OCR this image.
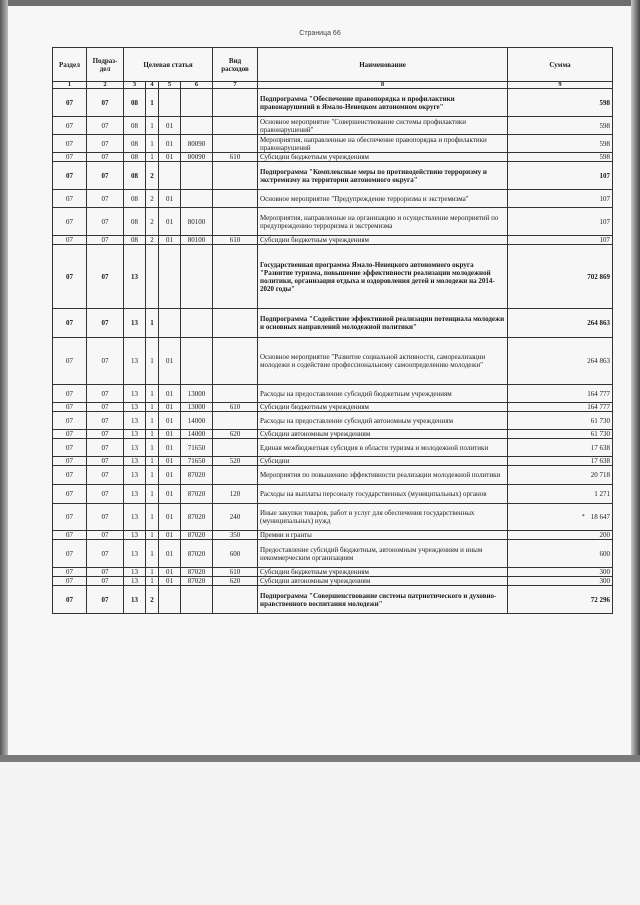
Страница 66
Раздел	Подраз-дел	Целевая статья				Вид расходов	Наименование	Сумма
1	2	3	4	5	6	7	8	9
07	07	08	1				Подпрограмма "Обеспечение правопорядка и профилактики правонарушений в Ямало-Ненецком автономном округе"	598
07	07	08	1	01			Основное мероприятие "Совершенствование системы профилактики правонарушений"	598
07	07	08	1	01	80090		Мероприятия, направленные на обеспечение правопорядка и профилактики правонарушений	598
07	07	08	1	01	80090	610	Субсидии бюджетным учреждениям	598
07	07	08	2				Подпрограмма "Комплексные меры по противодействию терроризму и экстремизму на территории автономного округа"	107
07	07	08	2	01			Основное мероприятие "Предупреждение терроризма и экстремизма"	107
07	07	08	2	01	80100		Мероприятия, направленные на организацию и осуществление мероприятий по предупреждению терроризма и экстремизма	107
07	07	08	2	01	80100	610	Субсидии бюджетным учреждениям	107
07	07	13					Государственная программа Ямало-Ненецкого автономного округа "Развитие туризма, повышение эффективности реализации молодежной политики, организация отдыха и оздоровления детей и молодежи на 2014-2020 годы"	702 869
07	07	13	1				Подпрограмма "Содействие эффективной реализации потенциала молодежи и основных направлений молодежной политики"	264 863
07	07	13	1	01			Основное мероприятие "Развитие социальной активности, самореализации молодежи и содействие профессиональному самоопределению молодежи"	264 863
07	07	13	1	01	13000		Расходы на предоставление субсидий бюджетным учреждениям	164 777
07	07	13	1	01	13000	610	Субсидии бюджетным учреждениям	164 777
07	07	13	1	01	14000		Расходы на предоставление субсидий автономным учреждениям	61 730
07	07	13	1	01	14000	620	Субсидии автономным учреждениям	61 730
07	07	13	1	01	71650		Единая межбюджетная субсидия в области туризма и молодежной политики	17 638
07	07	13	1	01	71650	520	Субсидии	17 638
07	07	13	1	01	87020		Мероприятия по повышению эффективности реализации молодежной политики	20 718
07	07	13	1	01	87020	120	Расходы на выплаты персоналу государственных (муниципальных) органов	1 271
07	07	13	1	01	87020	240	Иные закупки товаров, работ и услуг для обеспечения государственных (муниципальных) нужд	* 18 647
07	07	13	1	01	87020	350	Премии и гранты	200
07	07	13	1	01	87020	600	Предоставление субсидий бюджетным, автономным учреждениям и иным некоммерческим организациям	600
07	07	13	1	01	87020	610	Субсидии бюджетным учреждениям	300
07	07	13	1	01	87020	620	Субсидии автономным учреждениям	300
07	07	13	2				Подпрограмма "Совершенствование системы патриотического и духовно-нравственного воспитания молодежи"	72 296
